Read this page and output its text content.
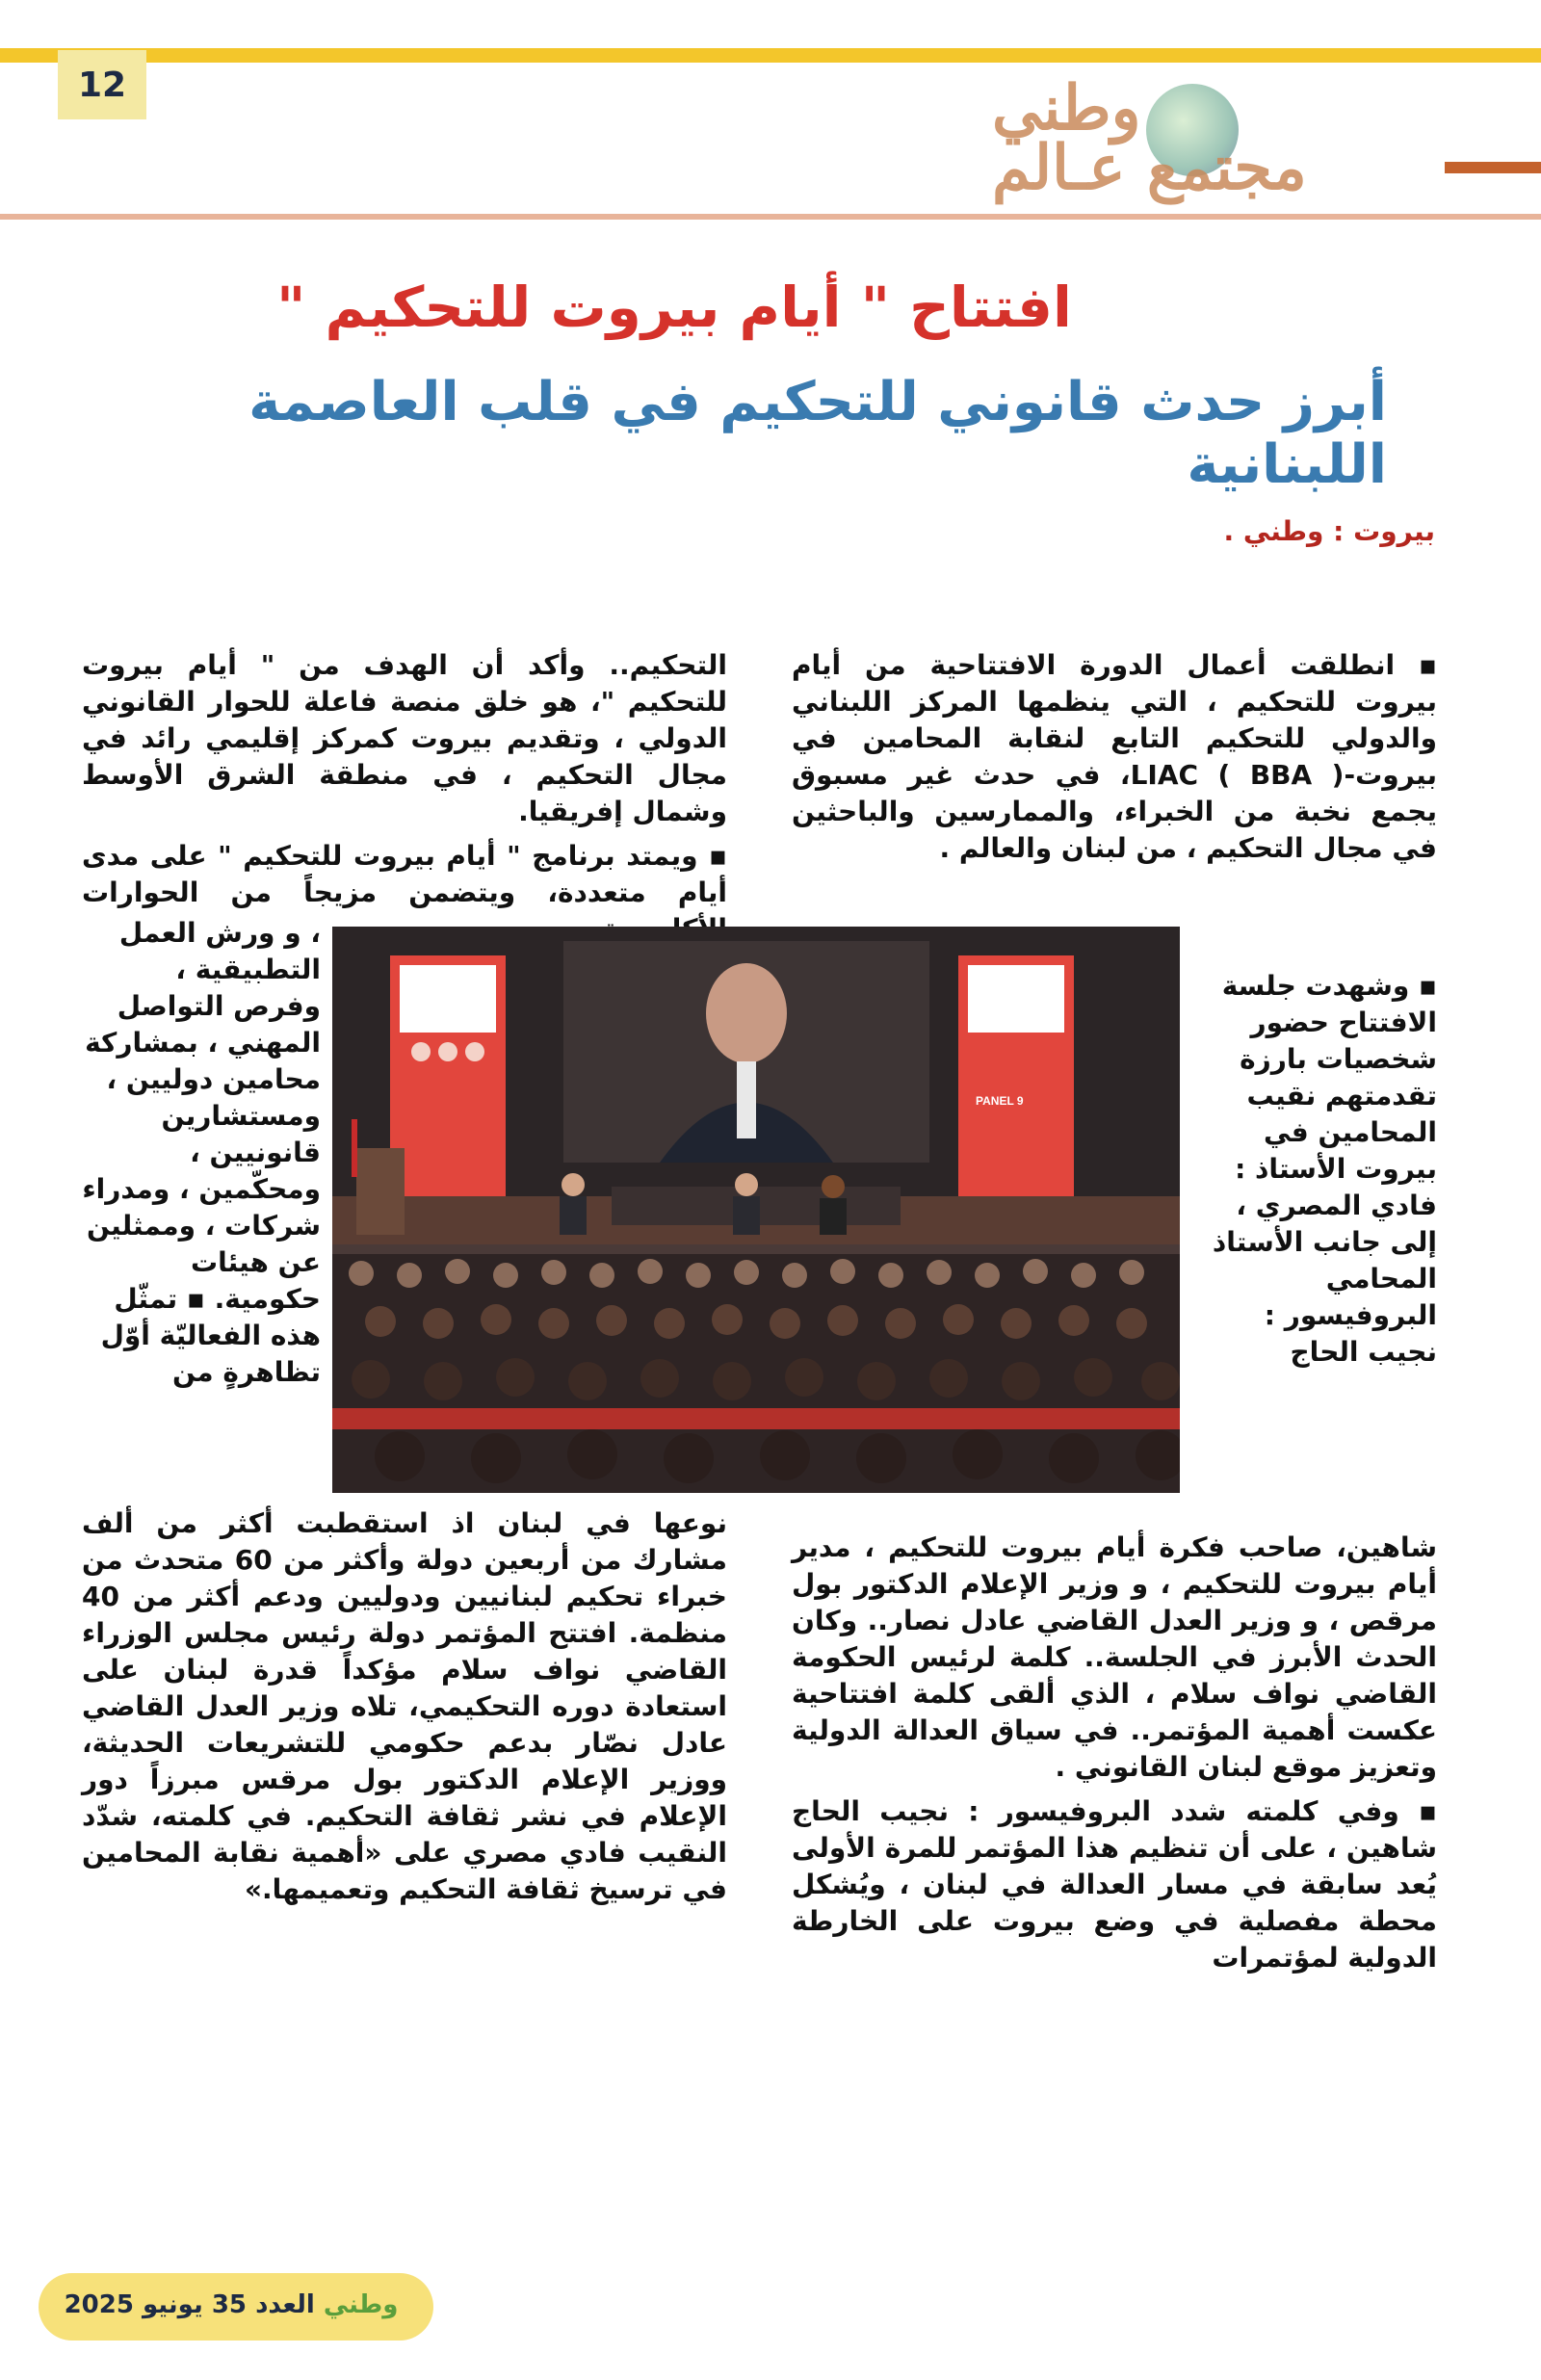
12	وطني
مجتمع عـالم
افتتاح " أيام بيروت للتحكيم "
أبرز حدث قانوني للتحكيم في قلب العاصمة اللبنانية
بيروت : وطني .

▪ انطلقت أعمال الدورة الافتتاحية من أيام بيروت للتحكيم ، التي ينظمها المركز اللبناني والدولي للتحكيم التابع لنقابة المحامين في بيروت-LIAC ( BBA )، في حدث غير مسبوق يجمع نخبة من الخبراء، والممارسين والباحثين في مجال التحكيم ، من لبنان والعالم .

▪ وشهدت جلسة الافتتاح حضور شخصيات بارزة تقدمتهم نقيب المحامين في بيروت الأستاذ : فادي المصري ، إلى جانب الأستاذ المحامي البروفيسور : نجيب الحاج

شاهين، صاحب فكرة أيام بيروت للتحكيم ، مدير أيام بيروت للتحكيم ، و وزير الإعلام الدكتور بول مرقص ، و وزير العدل القاضي عادل نصار.. وكان الحدث الأبرز في الجلسة.. كلمة لرئيس الحكومة القاضي نواف سلام ، الذي ألقى كلمة افتتاحية عكست أهمية المؤتمر.. في سياق العدالة الدولية وتعزيز موقع لبنان القانوني .

▪ وفي كلمته شدد البروفيسور : نجيب الحاج شاهين ، على أن تنظيم هذا المؤتمر للمرة الأولى يُعد سابقة في مسار العدالة في لبنان ، ويُشكل محطة مفصلية في وضع بيروت على الخارطة الدولية لمؤتمرات

التحكيم.. وأكد أن الهدف من " أيام بيروت للتحكيم "، هو خلق منصة فاعلة للحوار القانوني الدولي ، وتقديم بيروت كمركز إقليمي رائد في مجال التحكيم ، في منطقة الشرق الأوسط وشمال إفريقيا.

▪ ويمتد برنامج " أيام بيروت للتحكيم " على مدى أيام متعددة، ويتضمن مزيجاً من الحوارات

، و ورش العمل التطبيقية ، وفرص التواصل المهني ، بمشاركة محامين دوليين ، ومستشارين قانونيين ، ومحكّمين ، ومدراء شركات ، وممثلين عن هيئات حكومية. ▪ تمثّل هذه الفعاليّة أوّل تظاهرةٍ من

نوعها في لبنان اذ استقطبت أكثر من ألف مشارك من أربعين دولة وأكثر من 60 متحدث من خبراء تحكيم لبنانيين ودوليين ودعم أكثر من 40 منظمة. افتتح المؤتمر دولة رئيس مجلس الوزراء القاضي نواف سلام مؤكداً قدرة لبنان على استعادة دوره التحكيمي، تلاه وزير العدل القاضي عادل نصّار بدعم حكومي للتشريعات الحديثة، ووزير الإعلام الدكتور بول مرقس مبرزاً دور الإعلام في نشر ثقافة التحكيم. في كلمته، شدّد النقيب فادي مصري على «أهمية نقابة المحامين في ترسيخ ثقافة التحكيم وتعميمها.»

PANEL 9
وطني العدد 35 يونيو 2025
